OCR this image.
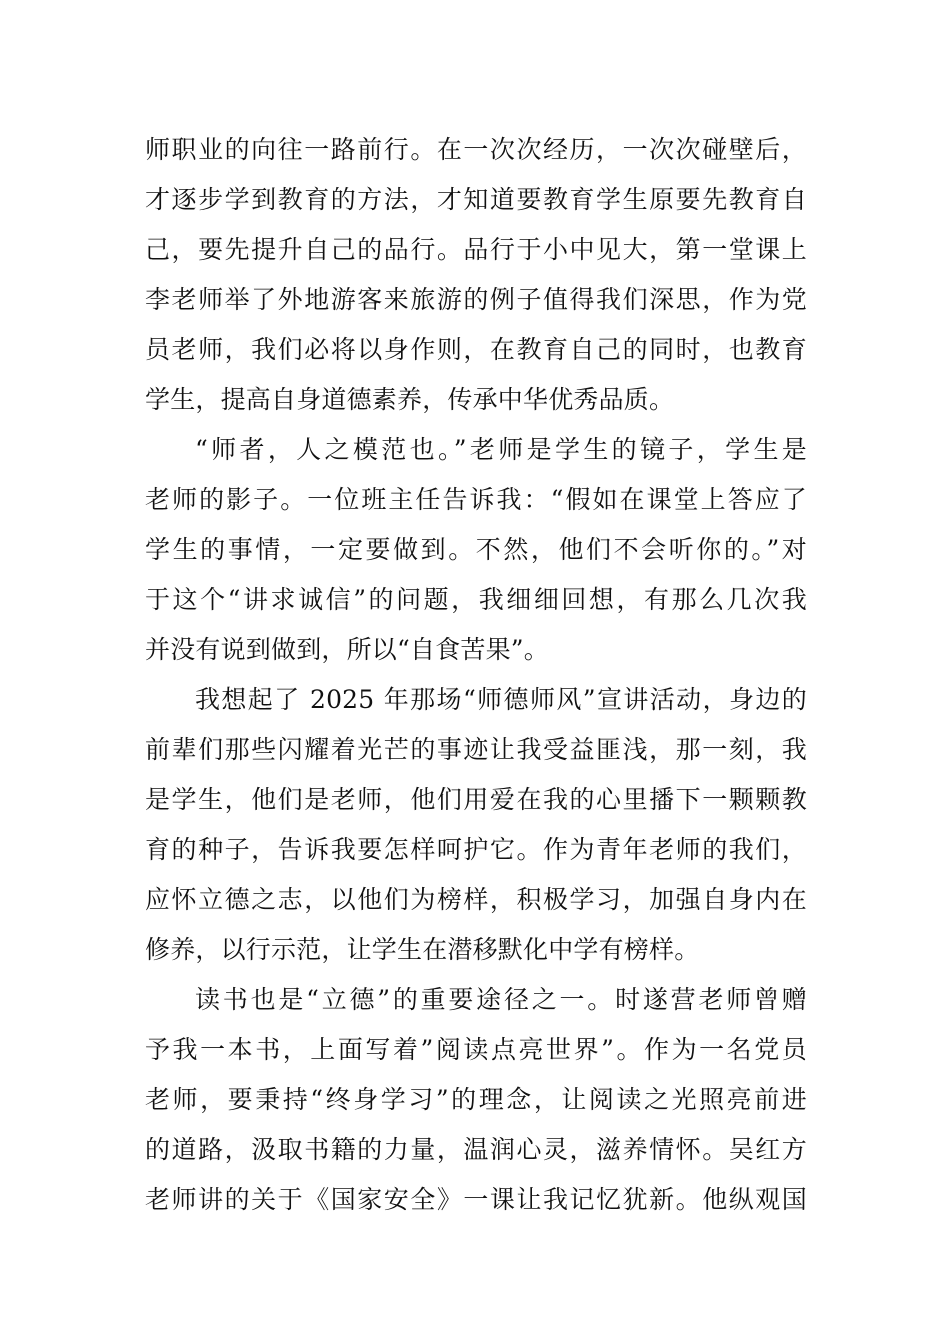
师职业的向往一路前行。在一次次经历，一次次碰壁后，
才逐步学到教育的方法，才知道要教育学生原要先教育自
己，要先提升自己的品行。品行于小中见大，第一堂课上
李老师举了外地游客来旅游的例子值得我们深思，作为党
员老师，我们必将以身作则，在教育自己的同时，也教育
学生，提高自身道德素养，传承中华优秀品质。
“师者，人之模范也。”老师是学生的镜子，学生是
老师的影子。一位班主任告诉我：“假如在课堂上答应了
学生的事情，一定要做到。不然，他们不会听你的。”对
于这个“讲求诚信”的问题，我细细回想，有那么几次我
并没有说到做到，所以“自食苦果”。
我想起了 2025 年那场“师德师风”宣讲活动，身边的
前辈们那些闪耀着光芒的事迹让我受益匪浅，那一刻，我
是学生，他们是老师，他们用爱在我的心里播下一颗颗教
育的种子，告诉我要怎样呵护它。作为青年老师的我们，
应怀立德之志，以他们为榜样，积极学习，加强自身内在
修养，以行示范，让学生在潜移默化中学有榜样。
读书也是“立德”的重要途径之一。时遂营老师曾赠
予我一本书，上面写着”阅读点亮世界”。作为一名党员
老师，要秉持“终身学习”的理念，让阅读之光照亮前进
的道路，汲取书籍的力量，温润心灵，滋养情怀。吴红方
老师讲的关于《国家安全》一课让我记忆犹新。他纵观国
